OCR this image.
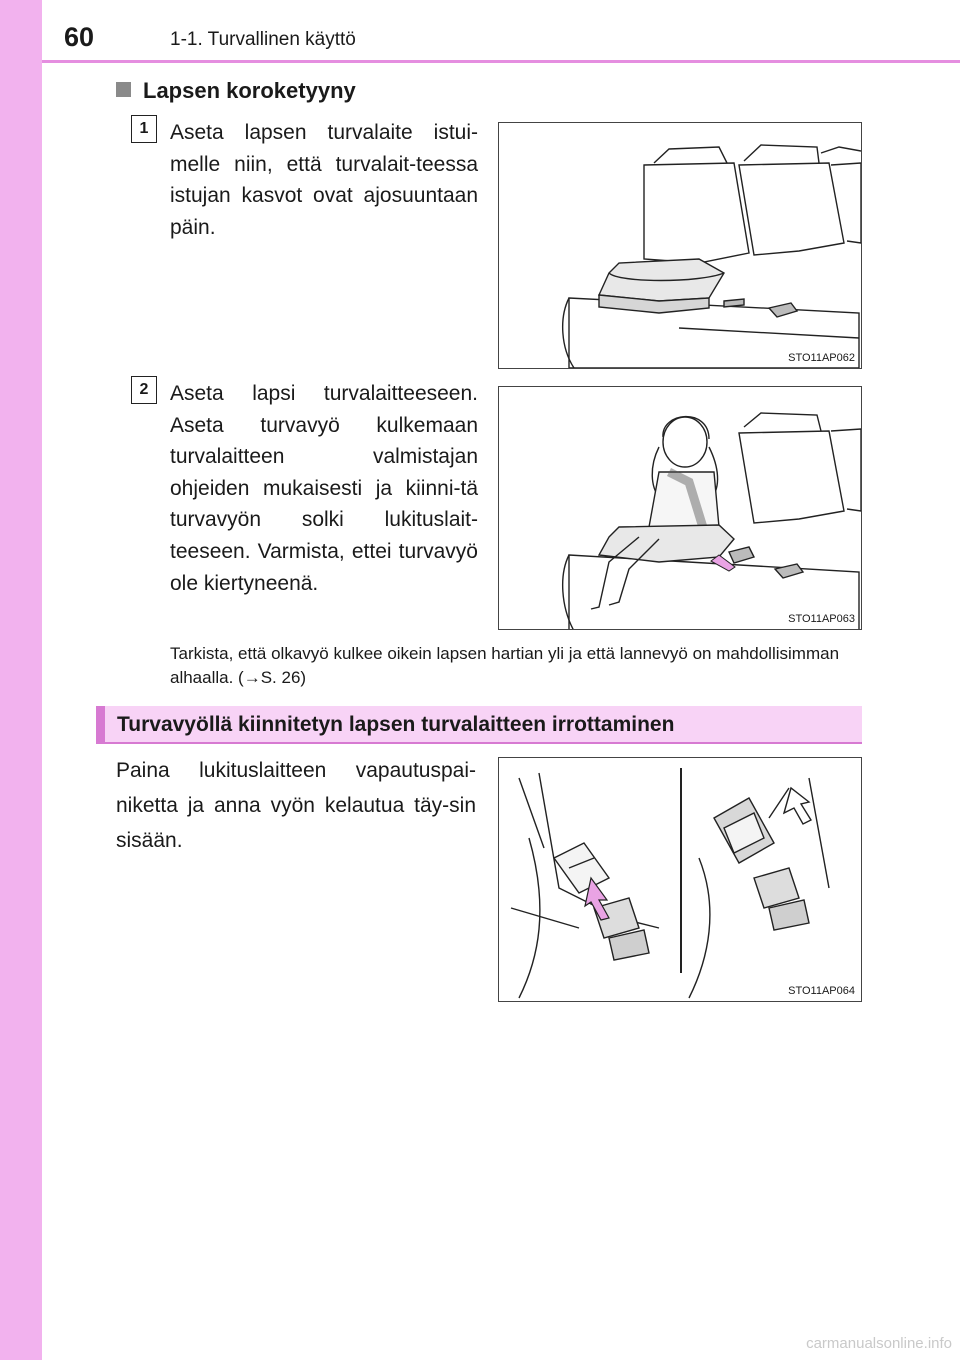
60	1-1. Turvallinen käyttö
Lapsen koroketyyny
1	Aseta lapsen turvalaite istui-melle niin, että turvalait-teessa istujan kasvot ovat ajosuuntaan päin.
STO11AP062
2	Aseta lapsi turvalaitteeseen. Aseta turvavyö kulkemaan turvalaitteen valmistajan ohjeiden mukaisesti ja kiinni-tä turvavyön solki lukituslait-teeseen. Varmista, ettei turvavyö ole kiertyneenä.
STO11AP063
Tarkista, että olkavyö kulkee oikein lapsen hartian yli ja että lannevyö on mahdollisimman alhaalla. (→S. 26)
Turvavyöllä kiinnitetyn lapsen turvalaitteen irrottaminen
Paina lukituslaitteen vapautuspai-niketta ja anna vyön kelautua täy-sin sisään.
STO11AP064
carmanualsonline.info
